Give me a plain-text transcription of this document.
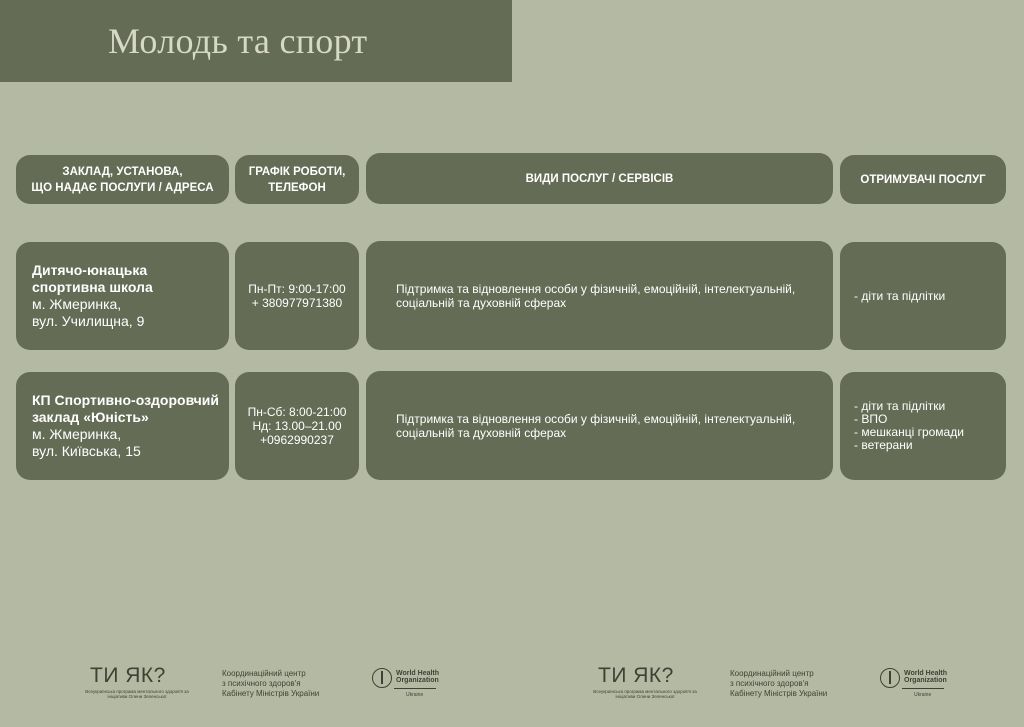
Молодь та спорт
ЗАКЛАД, УСТАНОВА,
ЩО НАДАЄ ПОСЛУГИ / АДРЕСА
ГРАФІК РОБОТИ,
ТЕЛЕФОН
ВИДИ ПОСЛУГ / СЕРВІСІВ	ОТРИМУВАЧІ ПОСЛУГ
Дитячо-юнацька спортивна школа
м. Жмеринка,
вул. Училищна, 9
Пн-Пт: 9:00-17:00
+ 380977971380
Підтримка та відновлення особи у фізичній, емоційній, інтелектуальній, соціальній та духовній сферах	- діти та підлітки
КП Спортивно-оздоровчий заклад «Юність»
м. Жмеринка,
вул. Київська, 15
Пн-Сб: 8:00-21:00
Нд: 13.00–21.00
+0962990237
Підтримка та відновлення особи у фізичній, емоційній, інтелектуальній, соціальній та духовній сферах
- діти та підлітки
- ВПО
- мешканці громади
- ветерани
ТИ ЯК?
Всеукраїнська програма ментального здоров'я за ініціативи Олени Зеленської
Координаційний центр
з психічного здоров'я
Кабінету Міністрів України
World Health
Organization
Ukraine
ТИ ЯК?
Всеукраїнська програма ментального здоров'я за ініціативи Олени Зеленської
Координаційний центр
з психічного здоров'я
Кабінету Міністрів України
World Health
Organization
Ukraine
